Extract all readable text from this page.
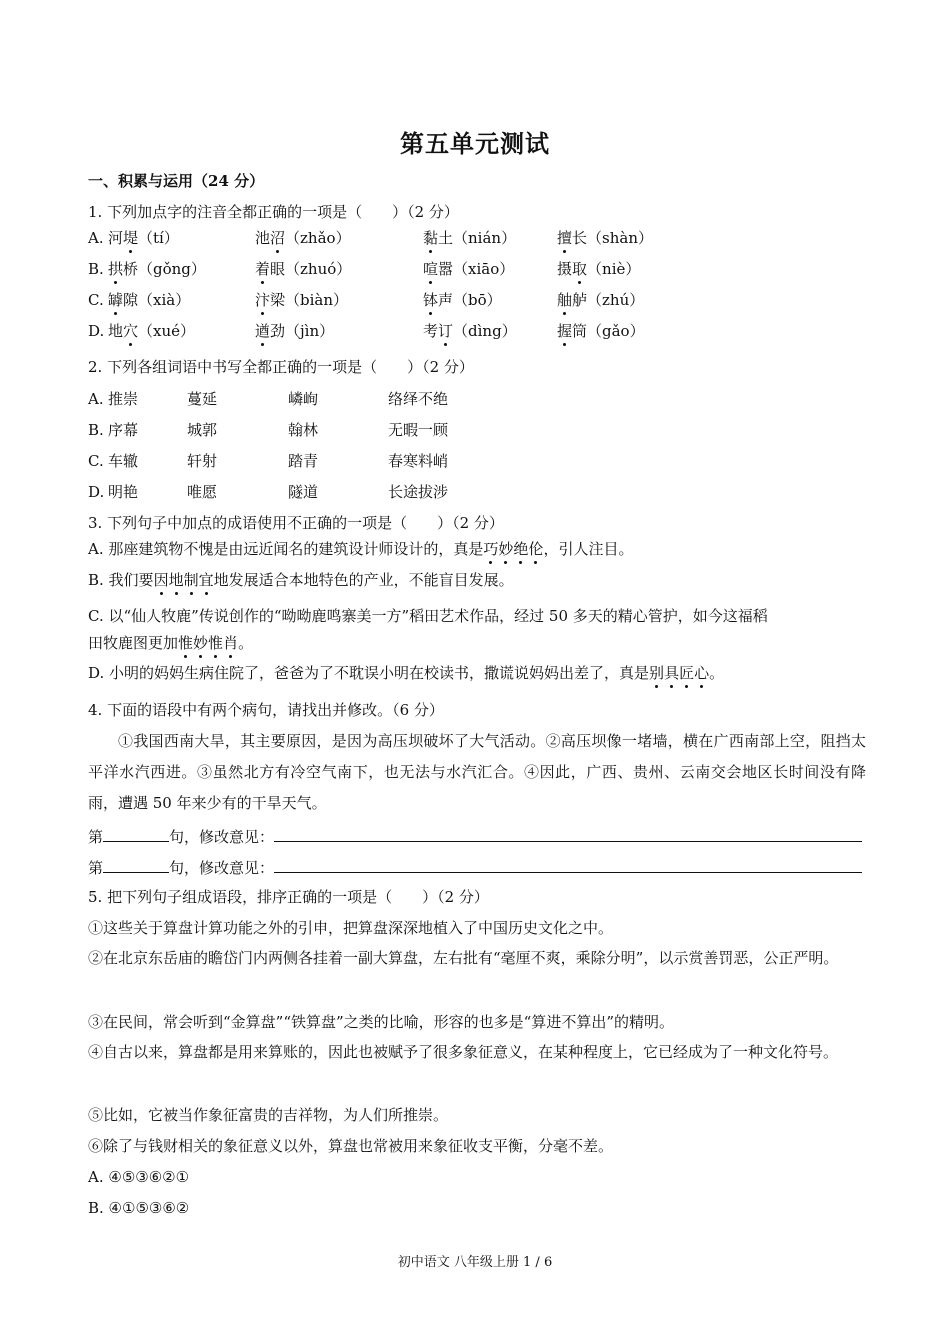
第五单元测试
一、积累与运用（24 分）
1. 下列加点字的注音全都正确的一项是（　　）（2 分）
A. 河堤（tí）	池沼（zhǎo）	黏土（nián）	擅长（shàn）
B. 拱桥（gǒng）	着眼（zhuó）	喧嚣（xiāo）	摄取（niè）
C. 罅隙（xià）	汴梁（biàn）	钵声（bō）	舳舻（zhú）
D. 地穴（xué）	遒劲（jìn）	考订（dìng）	握筒（gǎo）
2. 下列各组词语中书写全都正确的一项是（　　）（2 分）
A. 推崇	蔓延	嶙峋	络绎不绝
B. 序幕	城郭	翰林	无暇一顾
C. 车辙	轩射	踏青	春寒料峭
D. 明艳	唯愿	隧道	长途拔涉
3. 下列句子中加点的成语使用不正确的一项是（　　）（2 分）
A. 那座建筑物不愧是由远近闻名的建筑设计师设计的，真是巧妙绝伦，引人注目。
B. 我们要因地制宜地发展适合本地特色的产业，不能盲目发展。
C. 以“仙人牧鹿”传说创作的“呦呦鹿鸣寨美一方”稻田艺术作品，经过 50 多天的精心管护，如今这福稻
田牧鹿图更加惟妙惟肖。
D. 小明的妈妈生病住院了，爸爸为了不耽误小明在校读书，撒谎说妈妈出差了，真是别具匠心。
4. 下面的语段中有两个病句，请找出并修改。（6 分）
①我国西南大旱，其主要原因，是因为高压坝破坏了大气活动。②高压坝像一堵墙，横在广西南部上空，阻挡太平洋水汽西进。③虽然北方有冷空气南下，也无法与水汽汇合。④因此，广西、贵州、云南交会地区长时间没有降雨，遭遇 50 年来少有的干旱天气。
第	句，修改意见：
第	句，修改意见：
5. 把下列句子组成语段，排序正确的一项是（　　）（2 分）
①这些关于算盘计算功能之外的引申，把算盘深深地植入了中国历史文化之中。
②在北京东岳庙的瞻岱门内两侧各挂着一副大算盘，左右批有“毫厘不爽，乘除分明”，以示赏善罚恶，公正严明。
③在民间，常会听到“金算盘”“铁算盘”之类的比喻，形容的也多是“算进不算出”的精明。
④自古以来，算盘都是用来算账的，因此也被赋予了很多象征意义，在某种程度上，它已经成为了一种文化符号。
⑤比如，它被当作象征富贵的吉祥物，为人们所推崇。
⑥除了与钱财相关的象征意义以外，算盘也常被用来象征收支平衡，分毫不差。
A. ④⑤③⑥②①
B. ④①⑤③⑥②
初中语文 八年级上册 1 / 6
